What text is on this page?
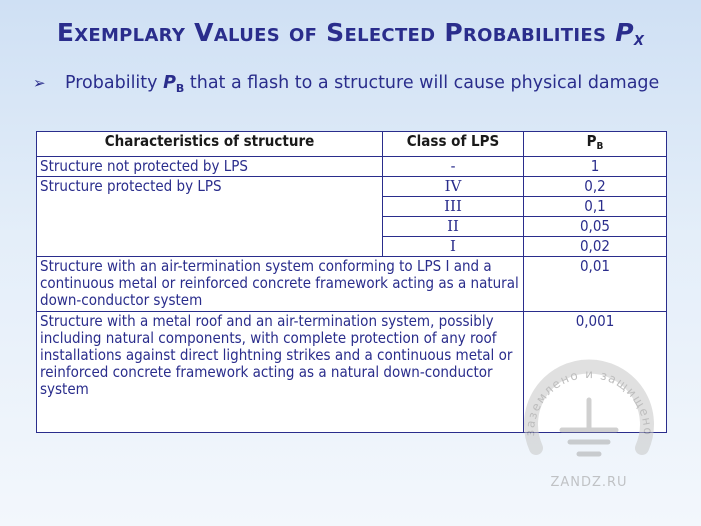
Exemplary Values of Selected Probabilities $P_X$
➢ Probability $P_B$ that a flash to a structure will cause physical damage
Characteristics of structure	Class of LPS	$P_B$
Structure not protected by LPS	-	1
Structure protected by LPS	IV	0,2
	III	0,1
	II	0,05
	I	0,02
Structure with an air-termination system conforming to LPS I and a continuous metal or reinforced concrete framework acting as a natural down-conductor system		0,01
Structure with a metal roof and an air-termination system, possibly including natural components, with complete protection of any roof installations against direct lightning strikes and a continuous metal or reinforced concrete framework acting as a natural down-conductor system		0,001
заземлено и защищено
ZANDZ.RU
